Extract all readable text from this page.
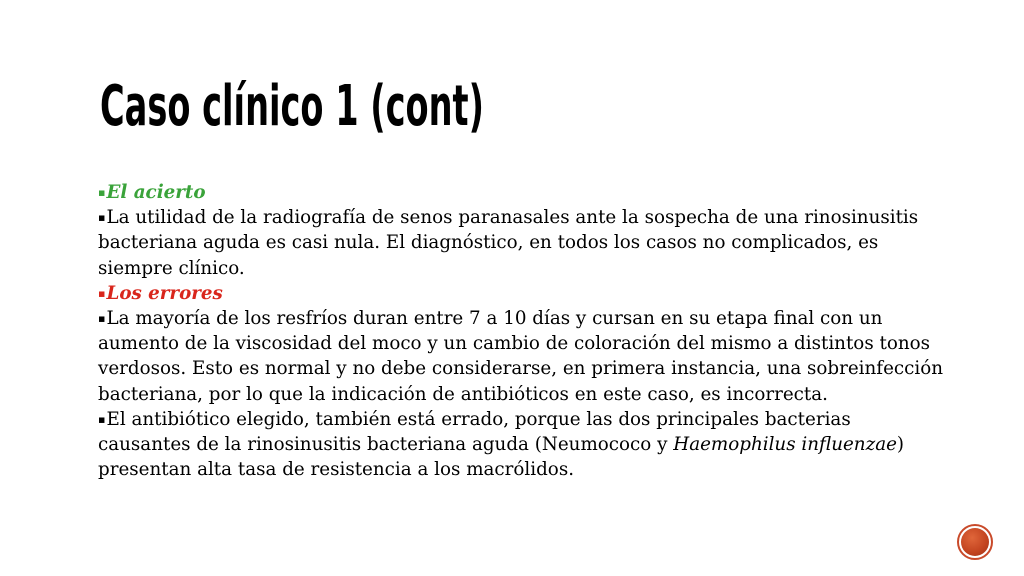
Caso clínico 1 (cont)

▪El acierto

▪La utilidad de la radiografía de senos paranasales ante la sospecha de una rinosinusitis bacteriana aguda es casi nula. El diagnóstico, en todos los casos no complicados, es siempre clínico.

▪Los errores

▪La mayoría de los resfríos duran entre 7 a 10 días y cursan en su etapa final con un aumento de la viscosidad del moco y un cambio de coloración del mismo a distintos tonos verdosos. Esto es normal y no debe considerarse, en primera instancia, una sobreinfección bacteriana, por lo que la indicación de antibióticos en este caso, es incorrecta.

▪El antibiótico elegido, también está errado, porque las dos principales bacterias causantes de la rinosinusitis bacteriana aguda (Neumococo y Haemophilus influenzae) presentan alta tasa de resistencia a los macrólidos.
